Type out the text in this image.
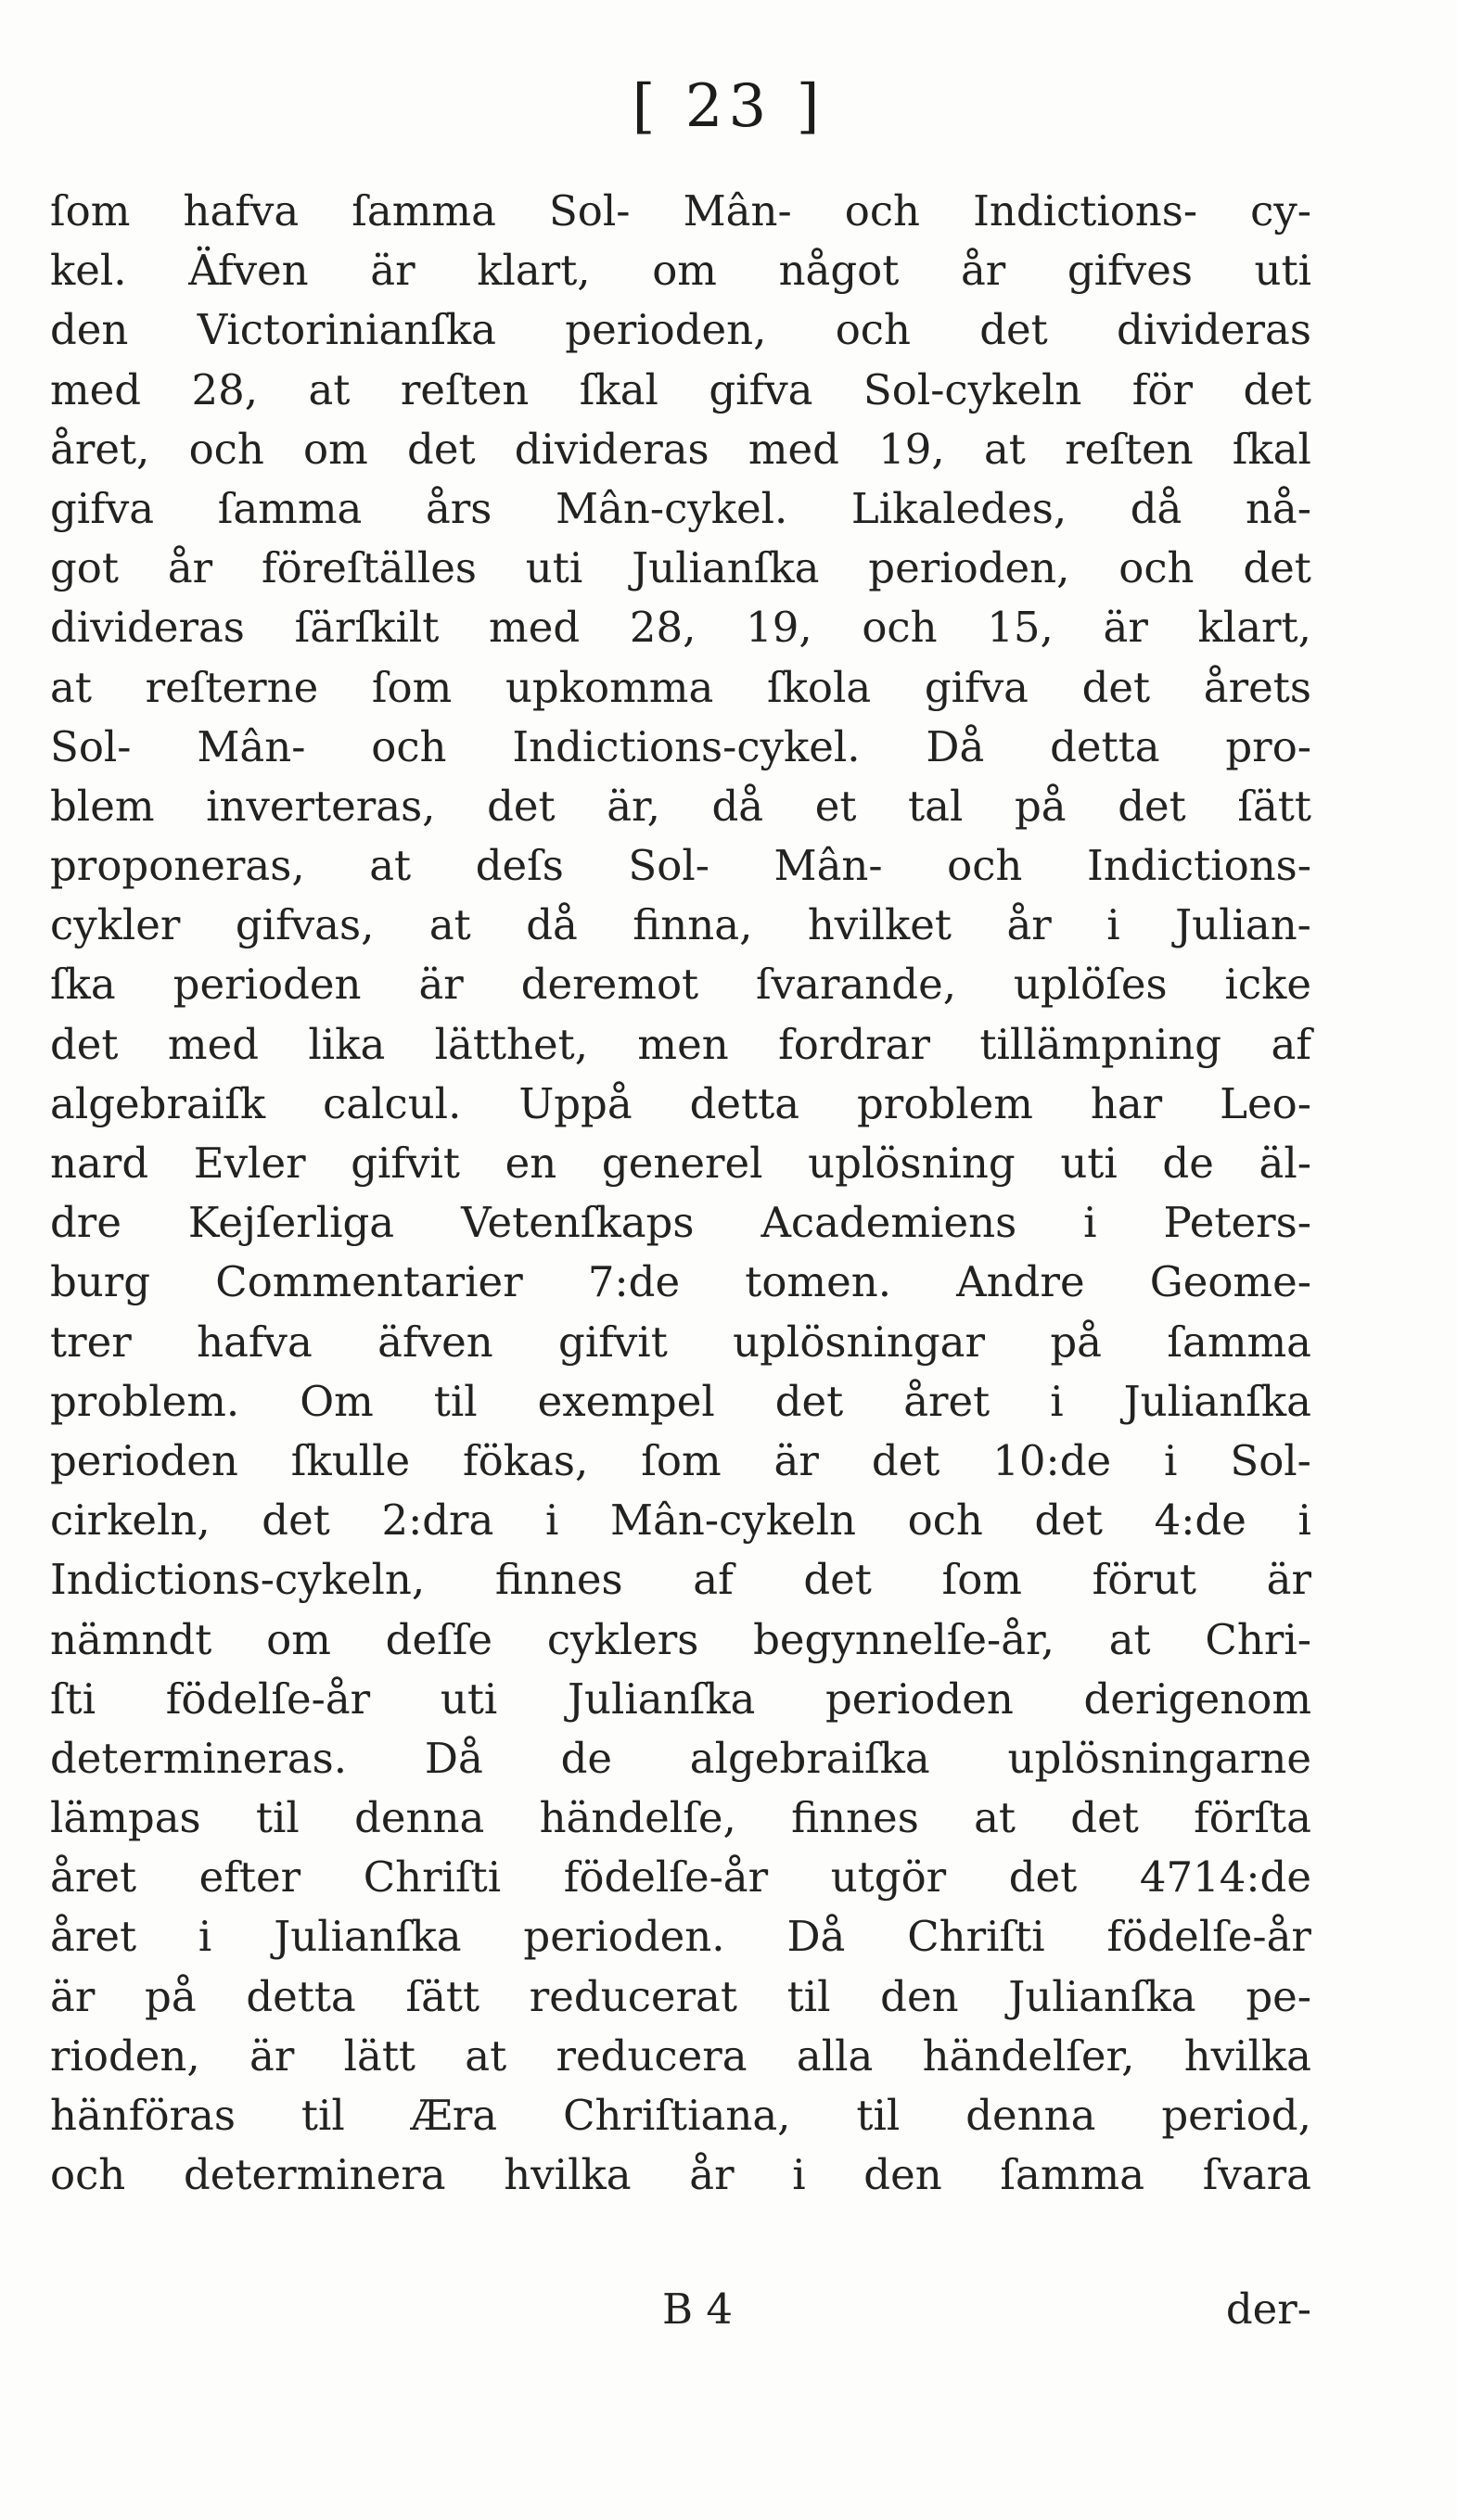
[ 23 ]
ſom hafva ſamma Sol- Mân- och Indictions- cy-
kel. Äfven är klart, om något år gifves uti
den Victorinianſka perioden, och det divideras
med 28, at reſten ſkal gifva Sol-cykeln för det
året, och om det divideras med 19, at reſten ſkal
gifva ſamma års Mân-cykel. Likaledes, då nå-
got år föreſtälles uti Julianſka perioden, och det
divideras ſärſkilt med 28, 19, och 15, är klart,
at reſterne ſom upkomma ſkola gifva det årets
Sol- Mân- och Indictions-cykel. Då detta pro-
blem inverteras, det är, då et tal på det ſätt
proponeras, at deſs Sol- Mân- och Indictions-
cykler gifvas, at då finna, hvilket år i Julian-
ſka perioden är deremot ſvarande, uplöſes icke
det med lika lätthet, men fordrar tillämpning af
algebraiſk calcul. Uppå detta problem har Leo-
nard Evler gifvit en generel uplösning uti de äl-
dre Kejſerliga Vetenſkaps Academiens i Peters-
burg Commentarier 7:de tomen. Andre Geome-
trer hafva äfven gifvit uplösningar på ſamma
problem. Om til exempel det året i Julianſka
perioden ſkulle fökas, ſom är det 10:de i Sol-
cirkeln, det 2:dra i Mân-cykeln och det 4:de i
Indictions-cykeln, finnes af det ſom förut är
nämndt om deſſe cyklers begynnelſe-år, at Chri-
ſti födelſe-år uti Julianſka perioden derigenom
determineras. Då de algebraiſka uplösningarne
lämpas til denna händelſe, finnes at det förſta
året efter Chriſti födelſe-år utgör det 4714:de
året i Julianſka perioden. Då Chriſti födelſe-år
är på detta ſätt reducerat til den Julianſka pe-
rioden, är lätt at reducera alla händelſer, hvilka
hänföras til Æra Chriſtiana, til denna period,
och determinera hvilka år i den ſamma ſvara
B 4	der-
